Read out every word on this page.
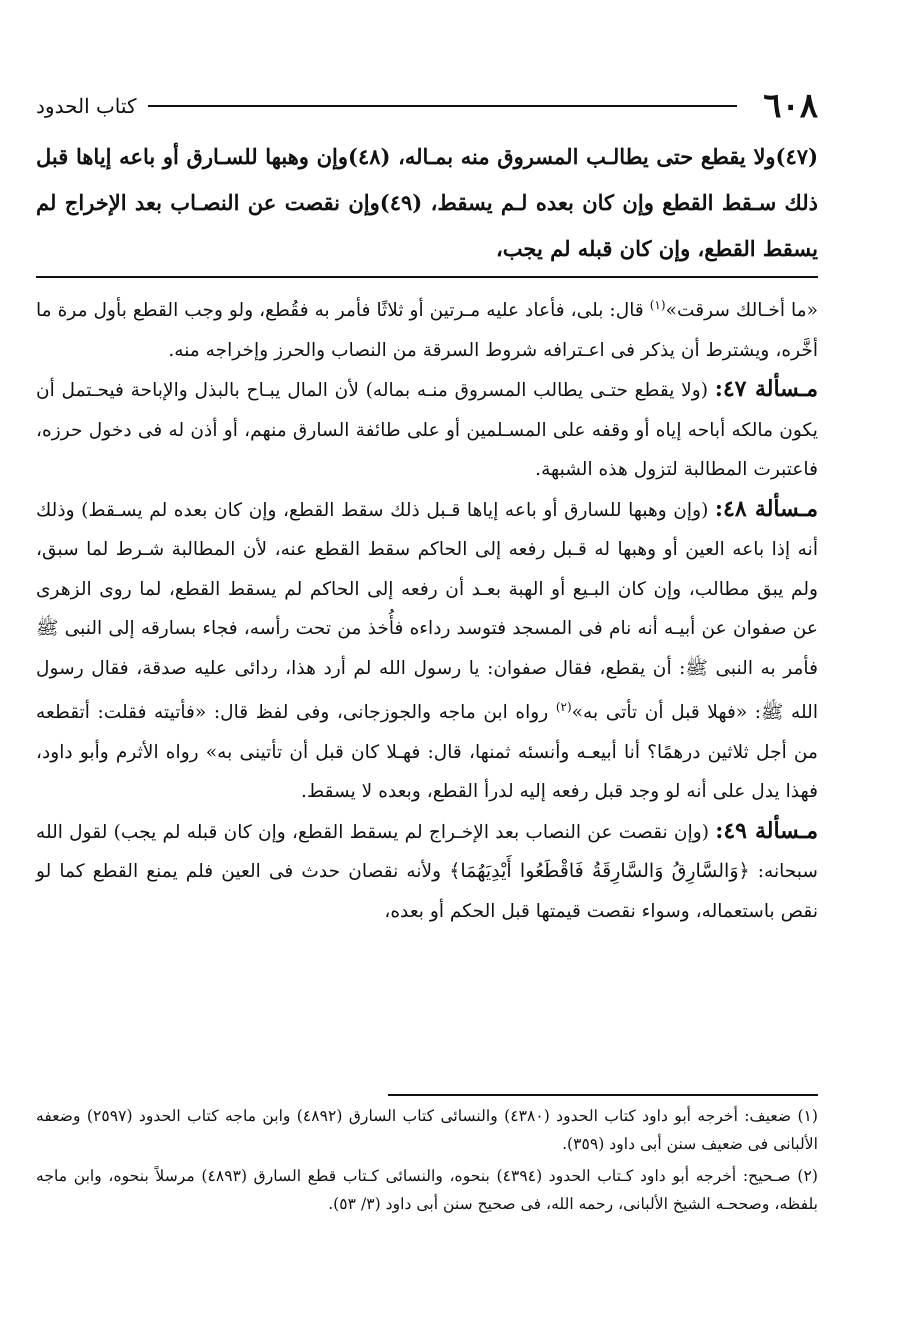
٦٠٨
كتاب الحدود
(٤٧)ولا يقطع حتى يطالـب المسروق منه بمـاله، (٤٨)وإن وهبها للسـارق أو باعه إياها قبل ذلك سـقط القطع وإن كان بعده لـم يسقط، (٤٩)وإن نقصت عن النصـاب بعد الإخراج لم يسقط القطع، وإن كان قبله لم يجب،

«ما أخـالك سرقت»$^{(١)}$ قال: بلى، فأعاد عليه مـرتين أو ثلاثًا فأمر به فقُطع، ولو وجب القطع بأول مرة ما أخَّره، ويشترط أن يذكر فى اعـترافه شروط السرقة من النصاب والحرز وإخراجه منه.

مـسألة ٤٧: (ولا يقطع حتـى يطالب المسروق منـه بماله) لأن المال يبـاح بالبذل والإباحة فيحـتمل أن يكون مالكه أباحه إياه أو وقفه على المسـلمين أو على طائفة السارق منهم، أو أذن له فى دخول حرزه، فاعتبرت المطالبة لتزول هذه الشبهة.

مـسألة ٤٨: (وإن وهبها للسارق أو باعه إياها قـبل ذلك سقط القطع، وإن كان بعده لم يسـقط) وذلك أنه إذا باعه العين أو وهبها له قـبل رفعه إلى الحاكم سقط القطع عنه، لأن المطالبة شـرط لما سبق، ولم يبق مطالب، وإن كان البـيع أو الهبة بعـد أن رفعه إلى الحاكم لم يسقط القطع، لما روى الزهرى عن صفوان عن أبيـه أنه نام فى المسجد فتوسد رداءه فأُخذ من تحت رأسه، فجاء بسارقه إلى النبى ﷺ فأمر به النبى ﷺ: أن يقطع، فقال صفوان: يا رسول الله لم أرد هذا، ردائى عليه صدقة، فقال رسول الله ﷺ: «فهلا قبل أن تأتى به»$^{(٢)}$ رواه ابن ماجه والجوزجانى، وفى لفظ قال: «فأتيته فقلت: أتقطعه من أجل ثلاثين درهمًا؟ أنا أبيعـه وأنسئه ثمنها، قال: فهـلا كان قبل أن تأتينى به» رواه الأثرم وأبو داود، فهذا يدل على أنه لو وجد قبل رفعه إليه لدرأ القطع، وبعده لا يسقط.

مـسألة ٤٩: (وإن نقصت عن النصاب بعد الإخـراج لم يسقط القطع، وإن كان قبله لم يجب) لقول الله سبحانه: ﴿وَالسَّارِقُ وَالسَّارِقَةُ فَاقْطَعُوا أَيْدِيَهُمَا﴾ ولأنه نقصان حدث فى العين فلم يمنع القطع كما لو نقص باستعماله، وسواء نقصت قيمتها قبل الحكم أو بعده،

(١) ضعيف: أخرجه أبو داود كتاب الحدود (٤٣٨٠) والنسائى كتاب السارق (٤٨٩٢) وابن ماجه كتاب الحدود (٢٥٩٧) وضعفه الألبانى فى ضعيف سنن أبى داود (٣٥٩).

(٢) صـحيح: أخرجه أبو داود كـتاب الحدود (٤٣٩٤) بنحوه، والنسائى كـتاب قطع السارق (٤٨٩٣) مرسلاً بنحوه، وابن ماجه بلفظه، وصححـه الشيخ الألبانى، رحمه الله، فى صحيح سنن أبى داود (٣/ ٥٣).
